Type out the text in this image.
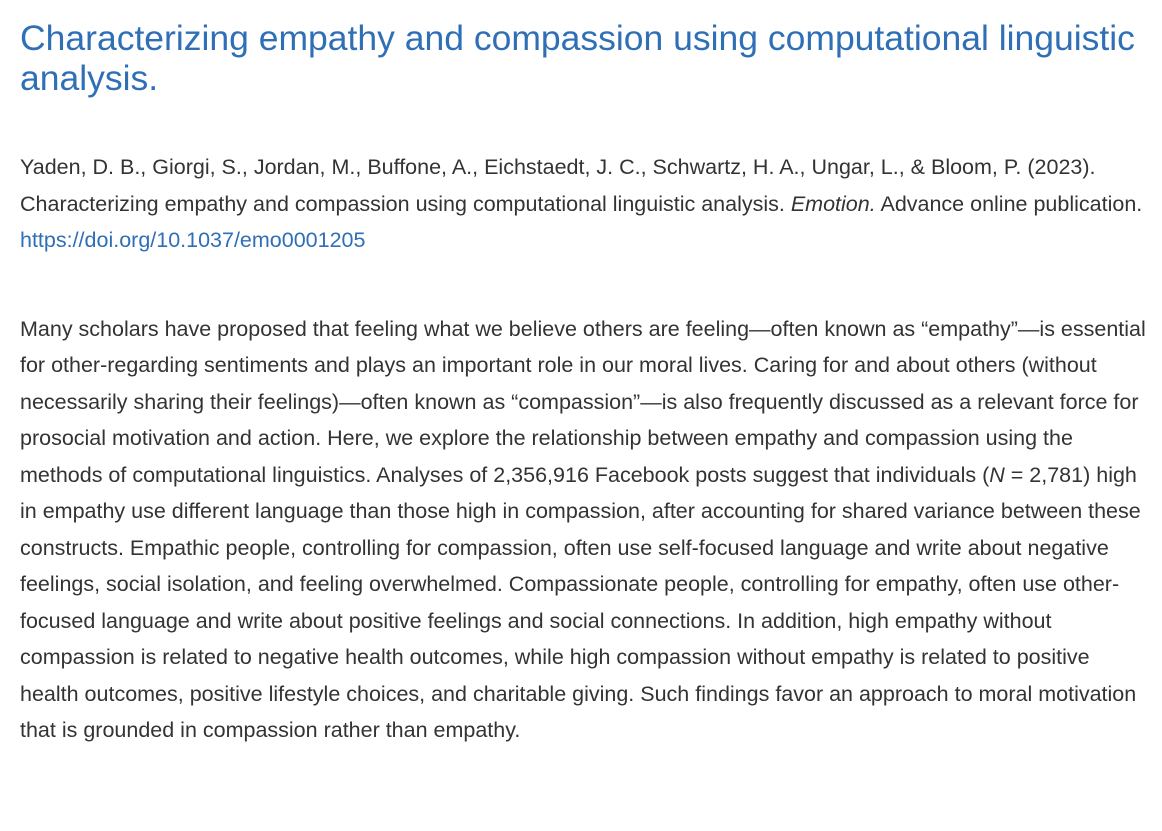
Characterizing empathy and compassion using computational linguistic analysis.

Yaden, D. B., Giorgi, S., Jordan, M., Buffone, A., Eichstaedt, J. C., Schwartz, H. A., Ungar, L., & Bloom, P. (2023). Characterizing empathy and compassion using computational linguistic analysis. Emotion. Advance online publication. https://doi.org/10.1037/emo0001205

Many scholars have proposed that feeling what we believe others are feeling—often known as “empathy”—is essential for other-regarding sentiments and plays an important role in our moral lives. Caring for and about others (without necessarily sharing their feelings)—often known as “compassion”—is also frequently discussed as a relevant force for prosocial motivation and action. Here, we explore the relationship between empathy and compassion using the methods of computational linguistics. Analyses of 2,356,916 Facebook posts suggest that individuals (N = 2,781) high in empathy use different language than those high in compassion, after accounting for shared variance between these constructs. Empathic people, controlling for compassion, often use self-focused language and write about negative feelings, social isolation, and feeling overwhelmed. Compassionate people, controlling for empathy, often use other-focused language and write about positive feelings and social connections. In addition, high empathy without compassion is related to negative health outcomes, while high compassion without empathy is related to positive health outcomes, positive lifestyle choices, and charitable giving. Such findings favor an approach to moral motivation that is grounded in compassion rather than empathy.
